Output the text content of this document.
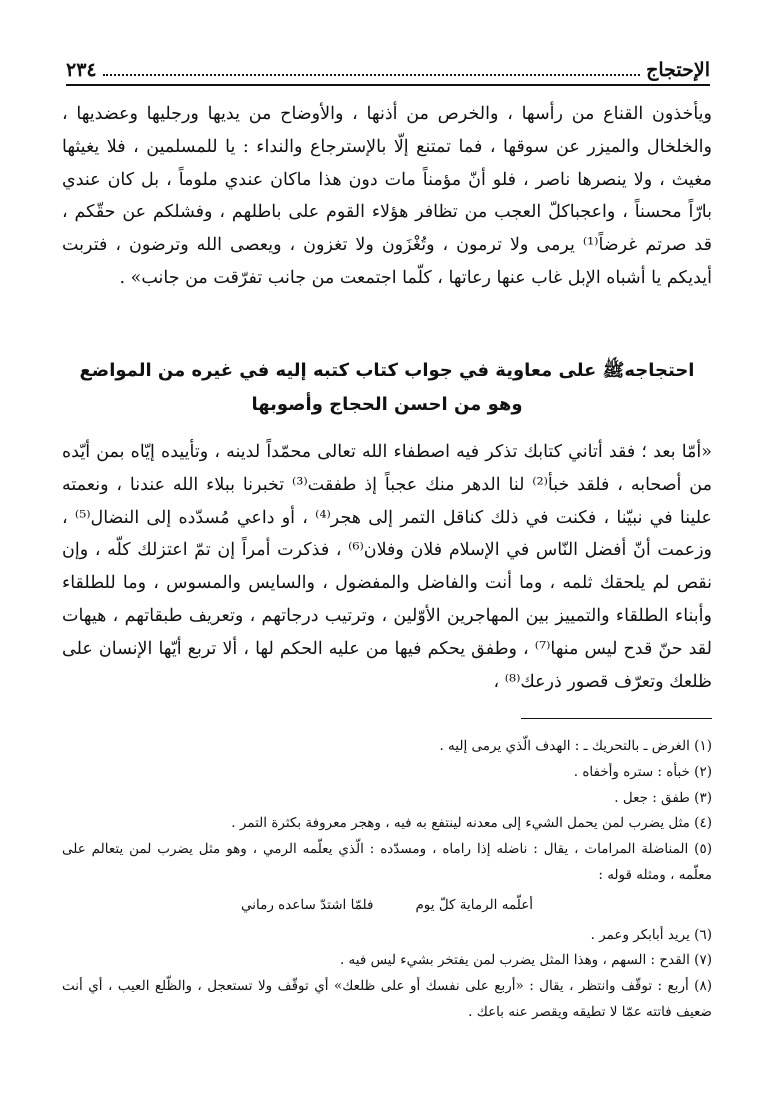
الإحتجاج
٢٣٤

ويأخذون القناع من رأسها ، والخرص من أذنها ، والأوضاح من يديها ورجليها وعضديها ، والخلخال والميزر عن سوقها ، فما تمتنع إلّا بالإسترجاع والنداء : يا للمسلمين ، فلا يغيثها مغيث ، ولا ينصرها ناصر ، فلو أنّ مؤمناً مات دون هذا ماكان عندي ملوماً ، بل كان عندي بارّاً محسناً ، واعجباكلّ العجب من تظافر هؤلاء القوم على باطلهم ، وفشلكم عن حقّكم ، قد صرتم غرضاً⁽¹⁾ يرمى ولا ترمون ، وتُغْزَون ولا تغزون ، ويعصى الله وترضون ، فتربت أيديكم يا أشباه الإبل غاب عنها رعاتها ، كلّما اجتمعت من جانب تفرّقت من جانب» .

احتجاجهﷺ على معاوية في جواب كتاب كتبه إليه في غيره من المواضع
وهو من احسن الحجاج وأصوبها

«أمّا بعد ؛ فقد أتاني كتابك تذكر فيه اصطفاء الله تعالى محمّداً لدينه ، وتأييده إيّاه بمن أيّده من أصحابه ، فلقد خبأ⁽²⁾ لنا الدهر منك عجباً إذ طفقت⁽³⁾ تخبرنا ببلاء الله عندنا ، ونعمته علينا في نبيّنا ، فكنت في ذلك كناقل التمر إلى هجر⁽⁴⁾ ، أو داعي مُسدّده إلى النضال⁽⁵⁾ ، وزعمت أنّ أفضل النّاس في الإسلام فلان وفلان⁽⁶⁾ ، فذكرت أمراً إن تمّ اعتزلك كلّه ، وإن نقص لم يلحقك ثلمه ، وما أنت والفاضل والمفضول ، والسايس والمسوس ، وما للطلقاء وأبناء الطلقاء والتمييز بين المهاجرين الأوّلين ، وترتيب درجاتهم ، وتعريف طبقاتهم ، هيهات لقد حنّ قدح ليس منها⁽⁷⁾ ، وطفق يحكم فيها من عليه الحكم لها ، ألا تربع أيّها الإنسان على ظلعك وتعرّف قصور ذرعك⁽⁸⁾ ،

(١) الغرض ـ بالتحريك ـ : الهدف الّذي يرمى إليه .
(٢) خبأه : ستره وأخفاه .
(٣) طفق : جعل .
(٤) مثل يضرب لمن يحمل الشيء إلى معدنه لينتفع به فيه ، وهجر معروفة بكثرة التمر .
(٥) المناضلة المرامات ، يقال : ناضله إذا راماه ، ومسدّده : الّذي يعلّمه الرمي ، وهو مثل يضرب لمن يتعالم على معلّمه ، ومثله قوله :
أعلّمه الرماية كلّ يوم
فلمّا اشتدّ ساعده رماني
(٦) يريد أبابكر وعمر .
(٧) القدح : السهم ، وهذا المثل يضرب لمن يفتخر بشيء ليس فيه .
(٨) أربع : توقّف وانتظر ، يقال : «أربع على نفسك أو على ظلعك» أي توقّف ولا تستعجل ، والظّلع العيب ، أي أنت ضعيف فاتته عمّا لا تطيقه ويقصر عنه باعك .
